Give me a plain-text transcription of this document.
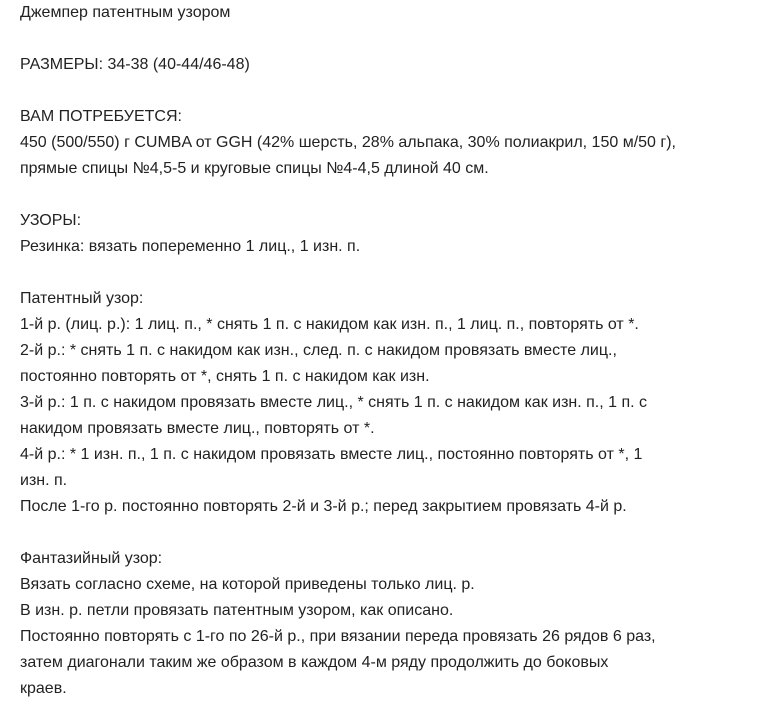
Джемпер патентным узором
РАЗМЕРЫ: 34-38 (40-44/46-48)
ВАМ ПОТРЕБУЕТСЯ:
450 (500/550) г CUMBA от GGH (42% шерсть, 28% альпака, 30% полиакрил, 150 м/50 г),
прямые спицы №4,5-5 и круговые спицы №4-4,5 длиной 40 см.
УЗОРЫ:
Резинка: вязать попеременно 1 лиц., 1 изн. п.
Патентный узор:
1-й р. (лиц. р.): 1 лиц. п., * снять 1 п. с накидом как изн. п., 1 лиц. п., повторять от *.
2-й р.: * снять 1 п. с накидом как изн., след. п. с накидом провязать вместе лиц.,
постоянно повторять от *, снять 1 п. с накидом как изн.
3-й р.: 1 п. с накидом провязать вместе лиц., * снять 1 п. с накидом как изн. п., 1 п. с
накидом провязать вместе лиц., повторять от *.
4-й р.: * 1 изн. п., 1 п. с накидом провязать вместе лиц., постоянно повторять от *, 1
изн. п.
После 1-го р. постоянно повторять 2-й и 3-й р.; перед закрытием провязать 4-й р.
Фантазийный узор:
Вязать согласно схеме, на которой приведены только лиц. р.
В изн. р. петли провязать патентным узором, как описано.
Постоянно повторять с 1-го по 26-й р., при вязании переда провязать 26 рядов 6 раз,
затем диагонали таким же образом в каждом 4-м ряду продолжить до боковых
краев.
